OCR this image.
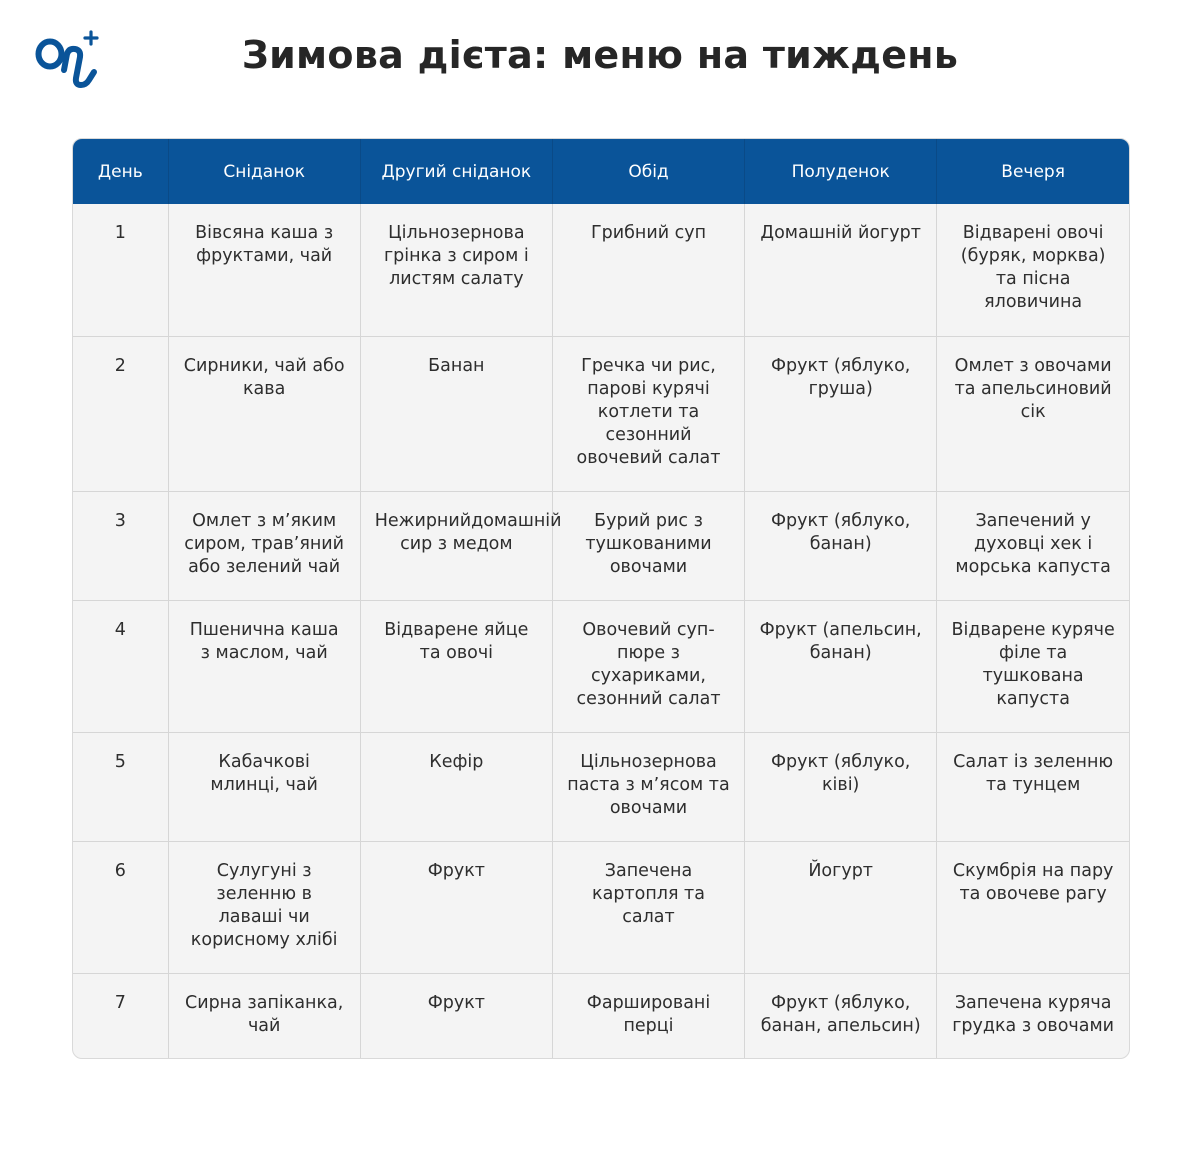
Зимова дієта: меню на тиждень
День	Сніданок	Другий сніданок	Обід	Полуденок	Вечеря
1	Вівсяна каша з фруктами, чай	Цільнозернова грінка з сиром і листям салату	Грибний суп	Домашній йогурт	Відварені овочі (буряк, морква) та пісна яловичина
2	Сирники, чай або кава	Банан	Гречка чи рис, парові курячі котлети та сезонний овочевий салат	Фрукт (яблуко, груша)	Омлет з овочами та апельсиновий сік
3	Омлет з м’яким сиром, трав’яний або зелений чай	Нежирнийдомашній сир з медом	Бурий рис з тушкованими овочами	Фрукт (яблуко, банан)	Запечений у духовці хек і морська капуста
4	Пшенична каша з маслом, чай	Відварене яйце та овочі	Овочевий суп-пюре з сухариками, сезонний салат	Фрукт (апельсин, банан)	Відварене куряче філе та тушкована капуста
5	Кабачкові млинці, чай	Кефір	Цільнозернова паста з м’ясом та овочами	Фрукт (яблуко, ківі)	Салат із зеленню та тунцем
6	Сулугуні з зеленню в лаваші чи корисному хлібі	Фрукт	Запечена картопля та салат	Йогурт	Скумбрія на пару та овочеве рагу
7	Сирна запіканка, чай	Фрукт	Фаршировані перці	Фрукт (яблуко, банан, апельсин)	Запечена куряча грудка з овочами
